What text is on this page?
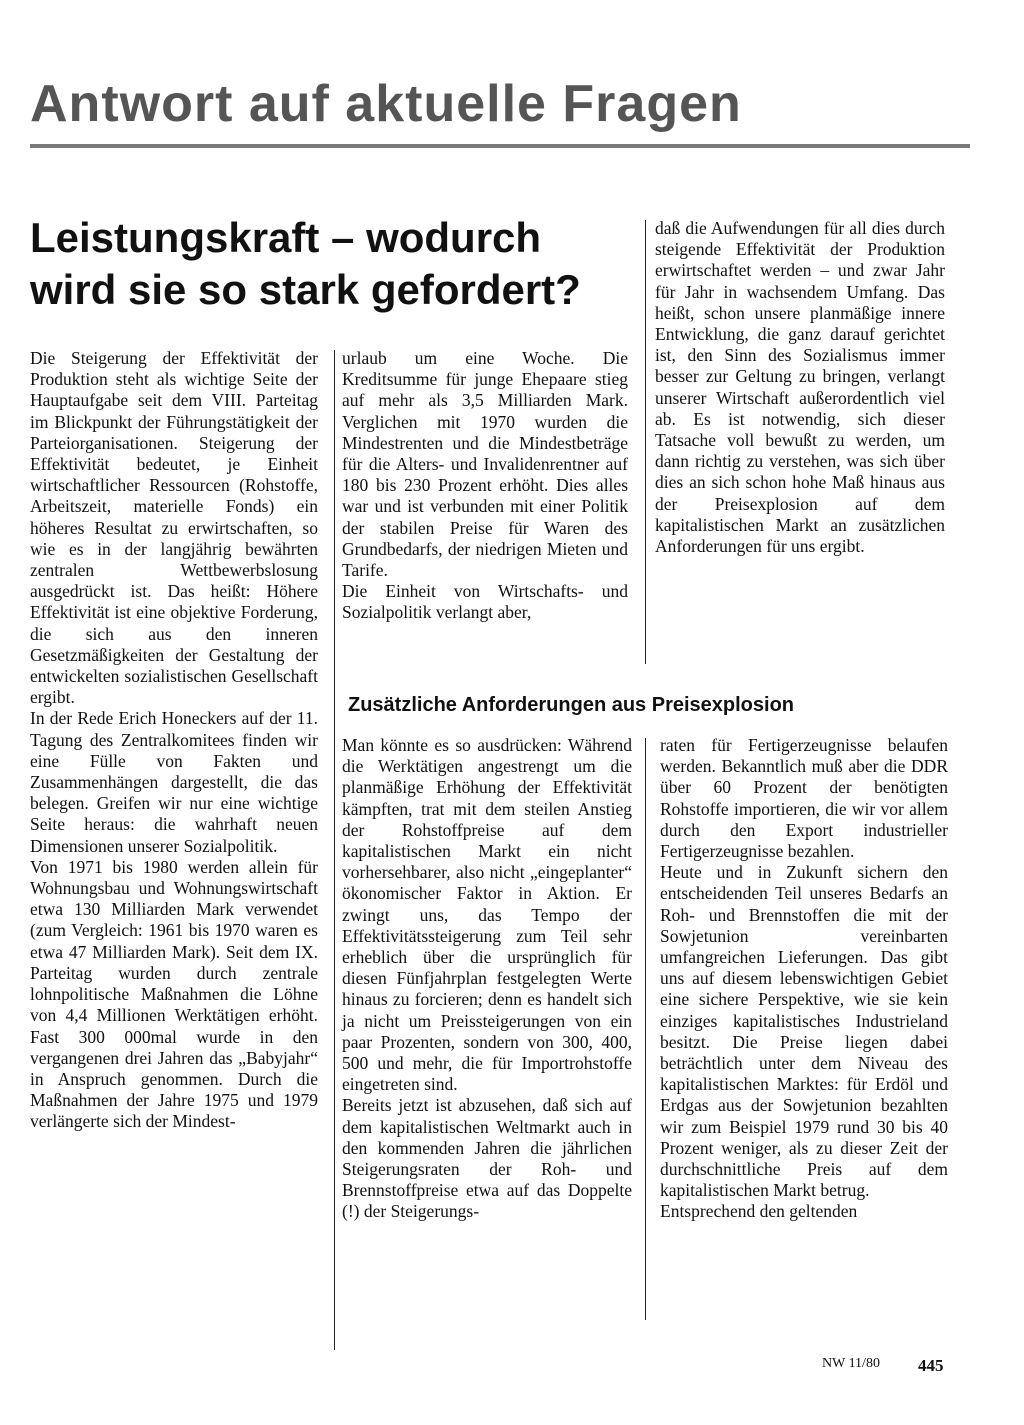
Antwort auf aktuelle Fragen
Leistungskraft – wodurch
wird sie so stark gefordert?

Die Steigerung der Effektivität der Produktion steht als wichtige Seite der Hauptaufgabe seit dem VIII. Parteitag im Blickpunkt der Führungstätigkeit der Parteiorganisationen. Steigerung der Effektivität bedeutet, je Einheit wirtschaftlicher Ressourcen (Rohstoffe, Arbeitszeit, materielle Fonds) ein höheres Resultat zu erwirtschaften, so wie es in der langjährig bewährten zentralen Wettbewerbslosung ausgedrückt ist. Das heißt: Höhere Effektivität ist eine objektive Forderung, die sich aus den inneren Gesetzmäßigkeiten der Gestaltung der entwickelten sozialistischen Gesellschaft ergibt.

In der Rede Erich Honeckers auf der 11. Tagung des Zentralkomitees finden wir eine Fülle von Fakten und Zusammenhängen dargestellt, die das belegen. Greifen wir nur eine wichtige Seite heraus: die wahrhaft neuen Dimensionen unserer Sozialpolitik.

Von 1971 bis 1980 werden allein für Wohnungsbau und Wohnungswirtschaft etwa 130 Milliarden Mark verwendet (zum Vergleich: 1961 bis 1970 waren es etwa 47 Milliarden Mark). Seit dem IX. Parteitag wurden durch zentrale lohnpolitische Maßnahmen die Löhne von 4,4 Millionen Werktätigen erhöht. Fast 300 000mal wurde in den vergangenen drei Jahren das „Babyjahr“ in Anspruch genommen. Durch die Maßnahmen der Jahre 1975 und 1979 verlängerte sich der Mindest-

urlaub um eine Woche. Die Kreditsumme für junge Ehepaare stieg auf mehr als 3,5 Milliarden Mark. Verglichen mit 1970 wurden die Mindestrenten und die Mindestbeträge für die Alters- und Invalidenrentner auf 180 bis 230 Prozent erhöht. Dies alles war und ist verbunden mit einer Politik der stabilen Preise für Waren des Grundbedarfs, der niedrigen Mieten und Tarife.

Die Einheit von Wirtschafts- und Sozialpolitik verlangt aber,

daß die Aufwendungen für all dies durch steigende Effektivität der Produktion erwirtschaftet werden – und zwar Jahr für Jahr in wachsendem Umfang. Das heißt, schon unsere planmäßige innere Entwicklung, die ganz darauf gerichtet ist, den Sinn des Sozialismus immer besser zur Geltung zu bringen, verlangt unserer Wirtschaft außerordentlich viel ab. Es ist notwendig, sich dieser Tatsache voll bewußt zu werden, um dann richtig zu verstehen, was sich über dies an sich schon hohe Maß hinaus aus der Preisexplosion auf dem kapitalistischen Markt an zusätzlichen Anforderungen für uns ergibt.

Zusätzliche Anforderungen aus Preisexplosion

Man könnte es so ausdrücken: Während die Werktätigen angestrengt um die planmäßige Erhöhung der Effektivität kämpften, trat mit dem steilen Anstieg der Rohstoffpreise auf dem kapitalistischen Markt ein nicht vorhersehbarer, also nicht „eingeplanter“ ökonomischer Faktor in Aktion. Er zwingt uns, das Tempo der Effektivitätssteigerung zum Teil sehr erheblich über die ursprünglich für diesen Fünfjahrplan festgelegten Werte hinaus zu forcieren; denn es handelt sich ja nicht um Preissteigerungen von ein paar Prozenten, sondern von 300, 400, 500 und mehr, die für Importrohstoffe eingetreten sind.

Bereits jetzt ist abzusehen, daß sich auf dem kapitalistischen Weltmarkt auch in den kommenden Jahren die jährlichen Steigerungsraten der Roh- und Brennstoffpreise etwa auf das Doppelte (!) der Steigerungs-

raten für Fertigerzeugnisse belaufen werden. Bekanntlich muß aber die DDR über 60 Prozent der benötigten Rohstoffe importieren, die wir vor allem durch den Export industrieller Fertigerzeugnisse bezahlen.

Heute und in Zukunft sichern den entscheidenden Teil unseres Bedarfs an Roh- und Brennstoffen die mit der Sowjetunion vereinbarten umfangreichen Lieferungen. Das gibt uns auf diesem lebenswichtigen Gebiet eine sichere Perspektive, wie sie kein einziges kapitalistisches Industrieland besitzt. Die Preise liegen dabei beträchtlich unter dem Niveau des kapitalistischen Marktes: für Erdöl und Erdgas aus der Sowjetunion bezahlten wir zum Beispiel 1979 rund 30 bis 40 Prozent weniger, als zu dieser Zeit der durchschnittliche Preis auf dem kapitalistischen Markt betrug.

Entsprechend den geltenden

NW 11/80 445
